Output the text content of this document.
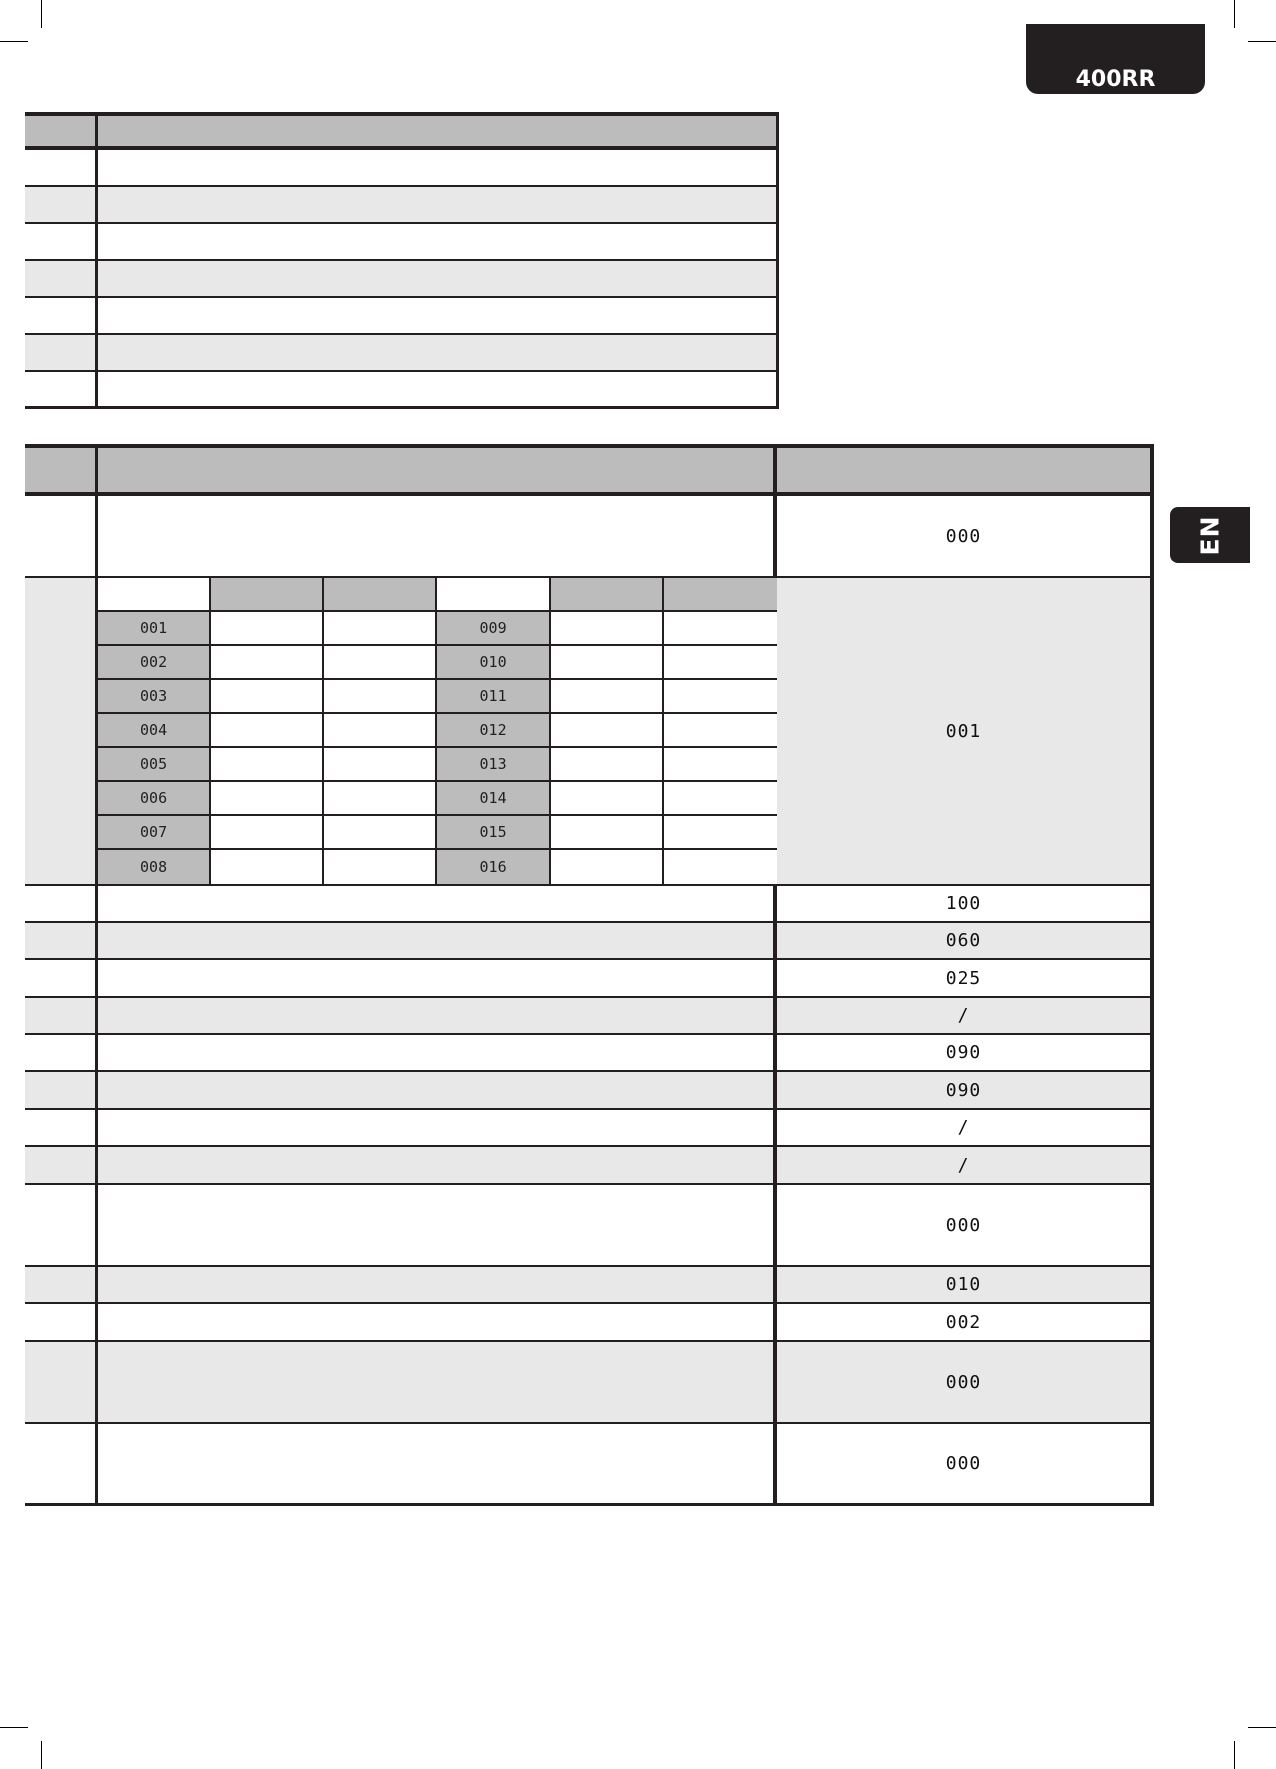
400RR
EN
000
001	009
002	010
003	011
004	012
005	013
006	014
007	015
008	016
001
100
060
025
/
090
090
/
/
000
010
002
000
000
